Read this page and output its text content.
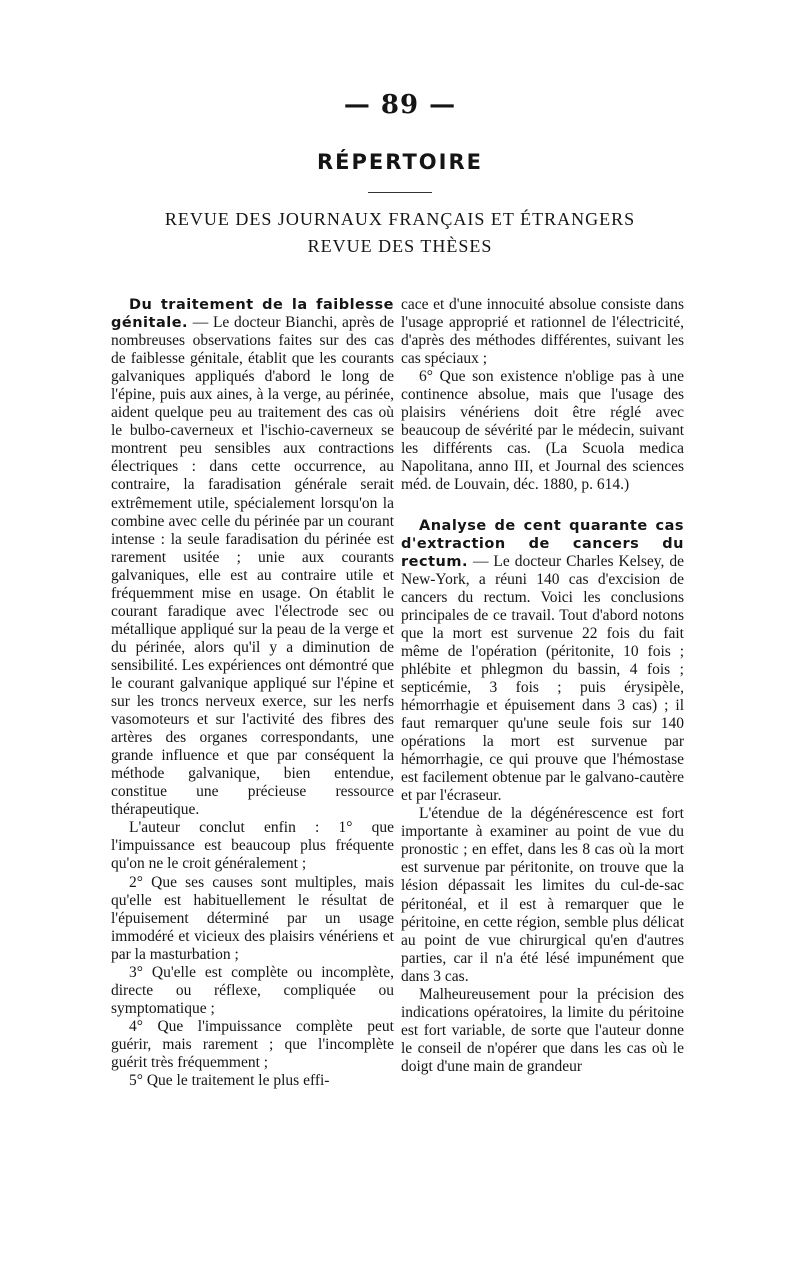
— 89 —
RÉPERTOIRE
REVUE DES JOURNAUX FRANÇAIS ET ÉTRANGERS
REVUE DES THÈSES

Du traitement de la faiblesse génitale. — Le docteur Bianchi, après de nombreuses observations faites sur des cas de faiblesse génitale, établit que les courants galvaniques appliqués d'abord le long de l'épine, puis aux aines, à la verge, au périnée, aident quelque peu au traitement des cas où le bulbo-caverneux et l'ischio-caverneux se montrent peu sensibles aux contractions électriques : dans cette occurrence, au contraire, la faradisation générale serait extrêmement utile, spécialement lorsqu'on la combine avec celle du périnée par un courant intense : la seule faradisation du périnée est rarement usitée ; unie aux courants galvaniques, elle est au contraire utile et fréquemment mise en usage. On établit le courant faradique avec l'électrode sec ou métallique appliqué sur la peau de la verge et du périnée, alors qu'il y a diminution de sensibilité. Les expériences ont démontré que le courant galvanique appliqué sur l'épine et sur les troncs nerveux exerce, sur les nerfs vasomoteurs et sur l'activité des fibres des artères des organes correspondants, une grande influence et que par conséquent la méthode galvanique, bien entendue, constitue une précieuse ressource thérapeutique.

L'auteur conclut enfin : 1° que l'impuissance est beaucoup plus fréquente qu'on ne le croit généralement ;

2° Que ses causes sont multiples, mais qu'elle est habituellement le résultat de l'épuisement déterminé par un usage immodéré et vicieux des plaisirs vénériens et par la masturbation ;

3° Qu'elle est complète ou incomplète, directe ou réflexe, compliquée ou symptomatique ;

4° Que l'impuissance complète peut guérir, mais rarement ; que l'incomplète guérit très fréquemment ;

5° Que le traitement le plus effi-

cace et d'une innocuité absolue consiste dans l'usage approprié et rationnel de l'électricité, d'après des méthodes différentes, suivant les cas spéciaux ;

6° Que son existence n'oblige pas à une continence absolue, mais que l'usage des plaisirs vénériens doit être réglé avec beaucoup de sévérité par le médecin, suivant les différents cas. (La Scuola medica Napolitana, anno III, et Journal des sciences méd. de Louvain, déc. 1880, p. 614.)

Analyse de cent quarante cas d'extraction de cancers du rectum. — Le docteur Charles Kelsey, de New-York, a réuni 140 cas d'excision de cancers du rectum. Voici les conclusions principales de ce travail. Tout d'abord notons que la mort est survenue 22 fois du fait même de l'opération (péritonite, 10 fois ; phlébite et phlegmon du bassin, 4 fois ; septicémie, 3 fois ; puis érysipèle, hémorrhagie et épuisement dans 3 cas) ; il faut remarquer qu'une seule fois sur 140 opérations la mort est survenue par hémorrhagie, ce qui prouve que l'hémostase est facilement obtenue par le galvano-cautère et par l'écraseur.

L'étendue de la dégénérescence est fort importante à examiner au point de vue du pronostic ; en effet, dans les 8 cas où la mort est survenue par péritonite, on trouve que la lésion dépassait les limites du cul-de-sac péritonéal, et il est à remarquer que le péritoine, en cette région, semble plus délicat au point de vue chirurgical qu'en d'autres parties, car il n'a été lésé impunément que dans 3 cas.

Malheureusement pour la précision des indications opératoires, la limite du péritoine est fort variable, de sorte que l'auteur donne le conseil de n'opérer que dans les cas où le doigt d'une main de grandeur
